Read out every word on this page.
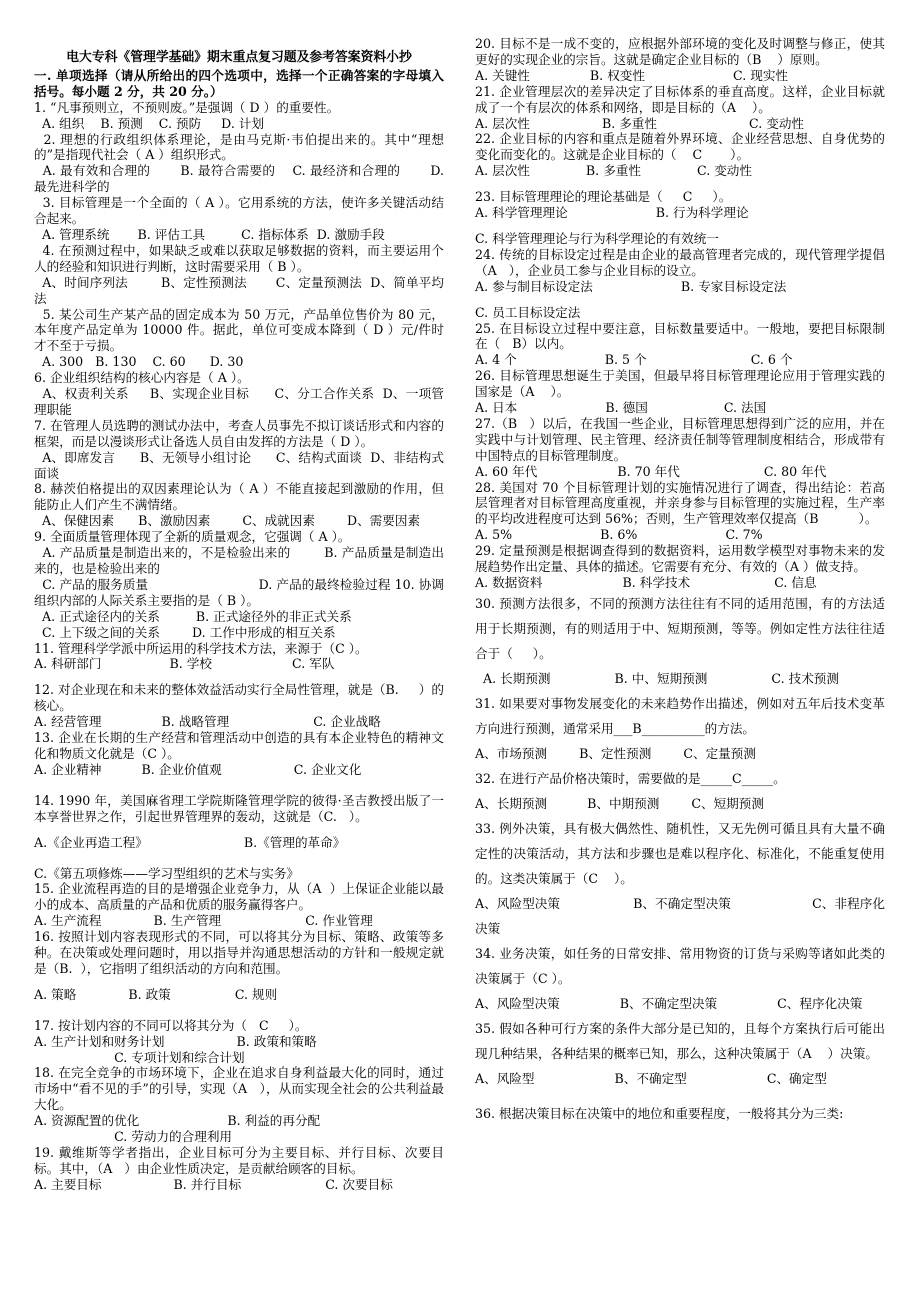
电大专科《管理学基础》期末重点复习题及参考答案资料小抄

一. 单项选择（请从所给出的四个选项中，选择一个正确答案的字母填入括号。每小题 2 分，共 20 分。）

1. “凡事预则立，不预则废。”是强调（ D ）的重要性。

A. 组织    B. 预测    C. 预防     D. 计划

2. 理想的行政组织体系理论，是由马克斯·韦伯提出来的。其中“理想的”是指现代社会（ A ）组织形式。

A. 最有效和合理的       B. 最符合需要的    C. 最经济和合理的       D. 最先进科学的

3. 目标管理是一个全面的（ A ）。它用系统的方法，使许多关键活动结合起来。

A. 管理系统       B. 评估工具         C. 指标体系  D. 激励手段

4. 在预测过程中，如果缺乏或难以获取足够数据的资料，而主要运用个人的经验和知识进行判断，这时需要采用（ B ）。

A、时间序列法        B、定性预测法       C、定量预测法  D、简单平均法

5. 某公司生产某产品的固定成本为 50 万元，产品单位售价为 80 元，本年度产品定单为 10000 件。据此，单位可变成本降到（ D ）元/件时才不至于亏损。

A. 300   B. 130    C. 60      D. 30

6. 企业组织结构的核心内容是（ A ）。

A、权责利关系     B、实现企业目标      C、分工合作关系  D、一项管理职能

7. 在管理人员选聘的测试办法中，考查人员事先不拟订谈话形式和内容的框架，而是以漫谈形式让备选人员自由发挥的方法是（ D ）。

A、即席发言      B、无领导小组讨论      C、结构式面谈  D、非结构式面谈

8. 赫茨伯格提出的双因素理论认为（ A ）不能直接起到激励的作用，但能防止人们产生不满情绪。

A、保健因素      B、激励因素        C、成就因素        D、需要因素

9. 全面质量管理体现了全新的质量观念，它强调（ A ）。

A. 产品质量是制造出来的，不是检验出来的        B. 产品质量是制造出来的，也是检验出来的

C. 产品的服务质量                           D. 产品的最终检验过程 10. 协调组织内部的人际关系主要指的是（ B ）。

A. 正式途径内的关系         B. 正式途径外的非正式关系

C. 上下级之间的关系        D. 工作中形成的相互关系

11. 管理科学学派中所运用的科学技术方法，来源于（C ）。

A. 科研部门                 B. 学校                    C. 军队

12. 对企业现在和未来的整体效益活动实行全局性管理，就是（B.     ）的核心。

A. 经营管理               B. 战略管理                     C. 企业战略

13. 企业在长期的生产经营和管理活动中创造的具有本企业特色的精神文化和物质文化就是（C ）。

A. 企业精神          B. 企业价值观                  C. 企业文化

14. 1990 年，美国麻省理工学院斯隆管理学院的彼得·圣吉教授出版了一本享誉世界之作，引起世界管理界的轰动，这就是（C.   ）。

A.《企业再造工程》                        B.《管理的革命》

C.《第五项修炼——学习型组织的艺术与实务》

15. 企业流程再造的目的是增强企业竞争力，从（A  ）上保证企业能以最小的成本、高质量的产品和优质的服务赢得客户。

A. 生产流程             B. 生产管理                     C. 作业管理

16. 按照计划内容表现形式的不同，可以将其分为目标、策略、政策等多种。在决策或处理问题时，用以指导并沟通思想活动的方针和一般规定就是（B.  ），它指明了组织活动的方向和范围。

A. 策略             B. 政策                C. 规则

17. 按计划内容的不同可以将其分为（   C     ）。

A. 生产计划和财务计划                  B. 政策和策略

C. 专项计划和综合计划

18. 在完全竞争的市场环境下，企业在追求自身利益最大化的同时，通过市场中“看不见的手”的引导，实现（A   ），从而实现全社会的公共利益最大化。

A. 资源配置的优化                      B. 利益的再分配

C. 劳动力的合理利用

19. 戴维斯等学者指出，企业目标可分为主要目标、并行目标、次要目标。其中，（A   ）由企业性质决定，是贡献给顾客的目标。

A. 主要目标                  B. 并行目标                     C. 次要目标

20. 目标不是一成不变的，应根据外部环境的变化及时调整与修正，使其更好的实现企业的宗旨。这就是确定企业目标的（B    ）原则。

A. 关键性               B. 权变性                      C. 现实性

21. 企业管理层次的差异决定了目标体系的垂直高度。这样，企业目标就成了一个有层次的体系和网络，即是目标的（A    ）。

A. 层次性                  B. 多重性                       C. 变动性

22. 企业目标的内容和重点是随着外界环境、企业经营思想、自身优势的变化而变化的。这就是企业目标的（    C       ）。

A. 层次性              B. 多重性              C. 变动性

23. 目标管理理论的理论基础是（     C     ）。

A. 科学管理理论                      B. 行为科学理论

C. 科学管理理论与行为科学理论的有效统一

24. 传统的目标设定过程是由企业的最高管理者完成的，现代管理学提倡（A   ），企业员工参与企业目标的设立。

A. 参与制目标设定法                      B. 专家目标设定法

C. 员工目标设定法

25. 在目标设立过程中要注意，目标数量要适中。一般地，要把目标限制在（   B）以内。

A. 4 个                      B. 5 个                          C. 6 个

26. 目标管理思想诞生于美国，但最早将目标管理理论应用于管理实践的国家是（A    ）。

A. 日本                      B. 德国                   C. 法国

27.（B   ）以后，在我国一些企业，目标管理思想得到广泛的应用，并在实践中与计划管理、民主管理、经济责任制等管理制度相结合，形成带有中国特点的目标管理制度。

A. 60 年代                    B. 70 年代                     C. 80 年代

28. 美国对 70 个目标管理计划的实施情况进行了调查，得出结论：若高层管理者对目标管理高度重视，并亲身参与目标管理的实施过程，生产率的平均改进程度可达到 56%；否则，生产管理效率仅提高（B          ）。

A. 5%                      B. 6%                      C. 7%

29. 定量预测是根据调查得到的数据资料，运用数学模型对事物未来的发展趋势作出定量、具体的描述。它需要有充分、有效的（A ）做支持。

A. 数据资料                    B. 科学技术                     C. 信息

30. 预测方法很多，不同的预测方法往往有不同的适用范围，有的方法适用于长期预测，有的则适用于中、短期预测，等等。例如定性方法往往适合于（     ）。

A. 长期预测                B. 中、短期预测                C. 技术预测

31. 如果要对事物发展变化的未来趋势作出描述，例如对五年后技术变革方向进行预测，通常采用___B__________的方法。

A、市场预测        B、定性预测        C、定量预测

32. 在进行产品价格决策时，需要做的是_____C_____。

A、长期预测          B、中期预测        C、短期预测

33. 例外决策，具有极大偶然性、随机性，又无先例可循且具有大量不确定性的决策活动，其方法和步骤也是难以程序化、标准化，不能重复使用的。这类决策属于（C    ）。

A、风险型决策                  B、不确定型决策                    C、非程序化决策

34. 业务决策，如任务的日常安排、常用物资的订货与采购等诸如此类的决策属于（C ）。

A、风险型决策               B、不确定型决策               C、程序化决策

35. 假如各种可行方案的条件大部分是已知的，且每个方案执行后可能出现几种结果，各种结果的概率已知，那么，这种决策属于（A    ）决策。

A、风险型                    B、不确定型                    C、确定型

36. 根据决策目标在决策中的地位和重要程度，一般将其分为三类:
